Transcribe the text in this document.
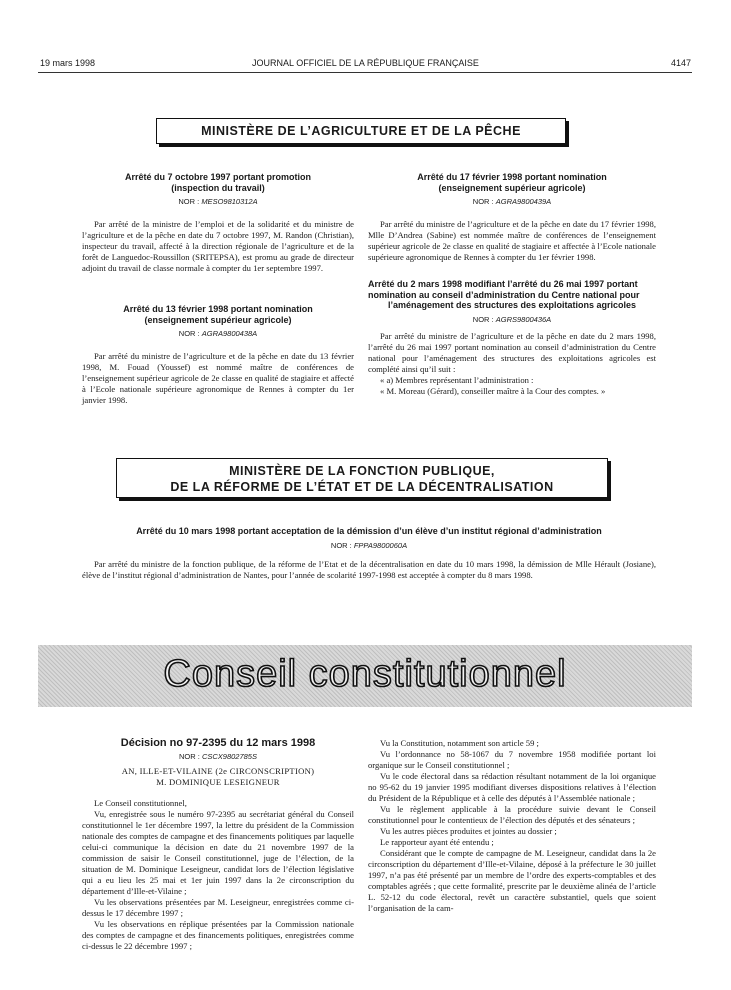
19 mars 1998	JOURNAL OFFICIEL DE LA RÉPUBLIQUE FRANÇAISE	4147
MINISTÈRE DE L’AGRICULTURE ET DE LA PÊCHE
Arrêté du 7 octobre 1997 portant promotion (inspection du travail)
NOR : MESO9810312A

Par arrêté de la ministre de l’emploi et de la solidarité et du ministre de l’agriculture et de la pêche en date du 7 octobre 1997, M. Randon (Christian), inspecteur du travail, affecté à la direction régionale de l’agriculture et de la forêt de Languedoc-Roussillon (SRITEPSA), est promu au grade de directeur adjoint du travail de classe normale à compter du 1er septembre 1997.

Arrêté du 13 février 1998 portant nomination (enseignement supérieur agricole)
NOR : AGRA9800438A

Par arrêté du ministre de l’agriculture et de la pêche en date du 13 février 1998, M. Fouad (Youssef) est nommé maître de conférences de l’enseignement supérieur agricole de 2e classe en qualité de stagiaire et affecté à l’Ecole nationale supérieure agronomique de Rennes à compter du 1er janvier 1998.

Arrêté du 17 février 1998 portant nomination (enseignement supérieur agricole)
NOR : AGRA9800439A

Par arrêté du ministre de l’agriculture et de la pêche en date du 17 février 1998, Mlle D’Andrea (Sabine) est nommée maître de conférences de l’enseignement supérieur agricole de 2e classe en qualité de stagiaire et affectée à l’Ecole nationale supérieure agronomique de Rennes à compter du 1er février 1998.

Arrêté du 2 mars 1998 modifiant l’arrêté du 26 mai 1997 portant nomination au conseil d’administration du Centre national pour l’aménagement des structures des exploitations agricoles
NOR : AGRS9800436A

Par arrêté du ministre de l’agriculture et de la pêche en date du 2 mars 1998, l’arrêté du 26 mai 1997 portant nomination au conseil d’administration du Centre national pour l’aménagement des structures des exploitations agricoles est complété ainsi qu’il suit :

« a) Membres représentant l’administration :

« M. Moreau (Gérard), conseiller maître à la Cour des comptes. »

MINISTÈRE DE LA FONCTION PUBLIQUE,
DE LA RÉFORME DE L’ÉTAT ET DE LA DÉCENTRALISATION
Arrêté du 10 mars 1998 portant acceptation de la démission d’un élève d’un institut régional d’administration
NOR : FPPA9800060A

Par arrêté du ministre de la fonction publique, de la réforme de l’Etat et de la décentralisation en date du 10 mars 1998, la démission de Mlle Hérault (Josiane), élève de l’institut régional d’administration de Nantes, pour l’année de scolarité 1997-1998 est acceptée à compter du 8 mars 1998.

Conseil constitutionnel
Décision no 97-2395 du 12 mars 1998
NOR : CSCX9802785S
AN, ILLE-ET-VILAINE (2e CIRCONSCRIPTION)
M. DOMINIQUE LESEIGNEUR

Le Conseil constitutionnel,

Vu, enregistrée sous le numéro 97-2395 au secrétariat général du Conseil constitutionnel le 1er décembre 1997, la lettre du président de la Commission nationale des comptes de campagne et des financements politiques par laquelle celui-ci communique la décision en date du 21 novembre 1997 de la commission de saisir le Conseil constitutionnel, juge de l’élection, de la situation de M. Dominique Leseigneur, candidat lors de l’élection législative qui a eu lieu les 25 mai et 1er juin 1997 dans la 2e circonscription du département d’Ille-et-Vilaine ;

Vu les observations présentées par M. Leseigneur, enregistrées comme ci-dessus le 17 décembre 1997 ;

Vu les observations en réplique présentées par la Commission nationale des comptes de campagne et des financements politiques, enregistrées comme ci-dessus le 22 décembre 1997 ;

Vu la Constitution, notamment son article 59 ;

Vu l’ordonnance no 58-1067 du 7 novembre 1958 modifiée portant loi organique sur le Conseil constitutionnel ;

Vu le code électoral dans sa rédaction résultant notamment de la loi organique no 95-62 du 19 janvier 1995 modifiant diverses dispositions relatives à l’élection du Président de la République et à celle des députés à l’Assemblée nationale ;

Vu le règlement applicable à la procédure suivie devant le Conseil constitutionnel pour le contentieux de l’élection des députés et des sénateurs ;

Vu les autres pièces produites et jointes au dossier ;

Le rapporteur ayant été entendu ;

Considérant que le compte de campagne de M. Leseigneur, candidat dans la 2e circonscription du département d’Ille-et-Vilaine, déposé à la préfecture le 30 juillet 1997, n’a pas été présenté par un membre de l’ordre des experts-comptables et des comptables agréés ; que cette formalité, prescrite par le deuxième alinéa de l’article L. 52-12 du code électoral, revêt un caractère substantiel, quels que soient l’organisation de la cam-
